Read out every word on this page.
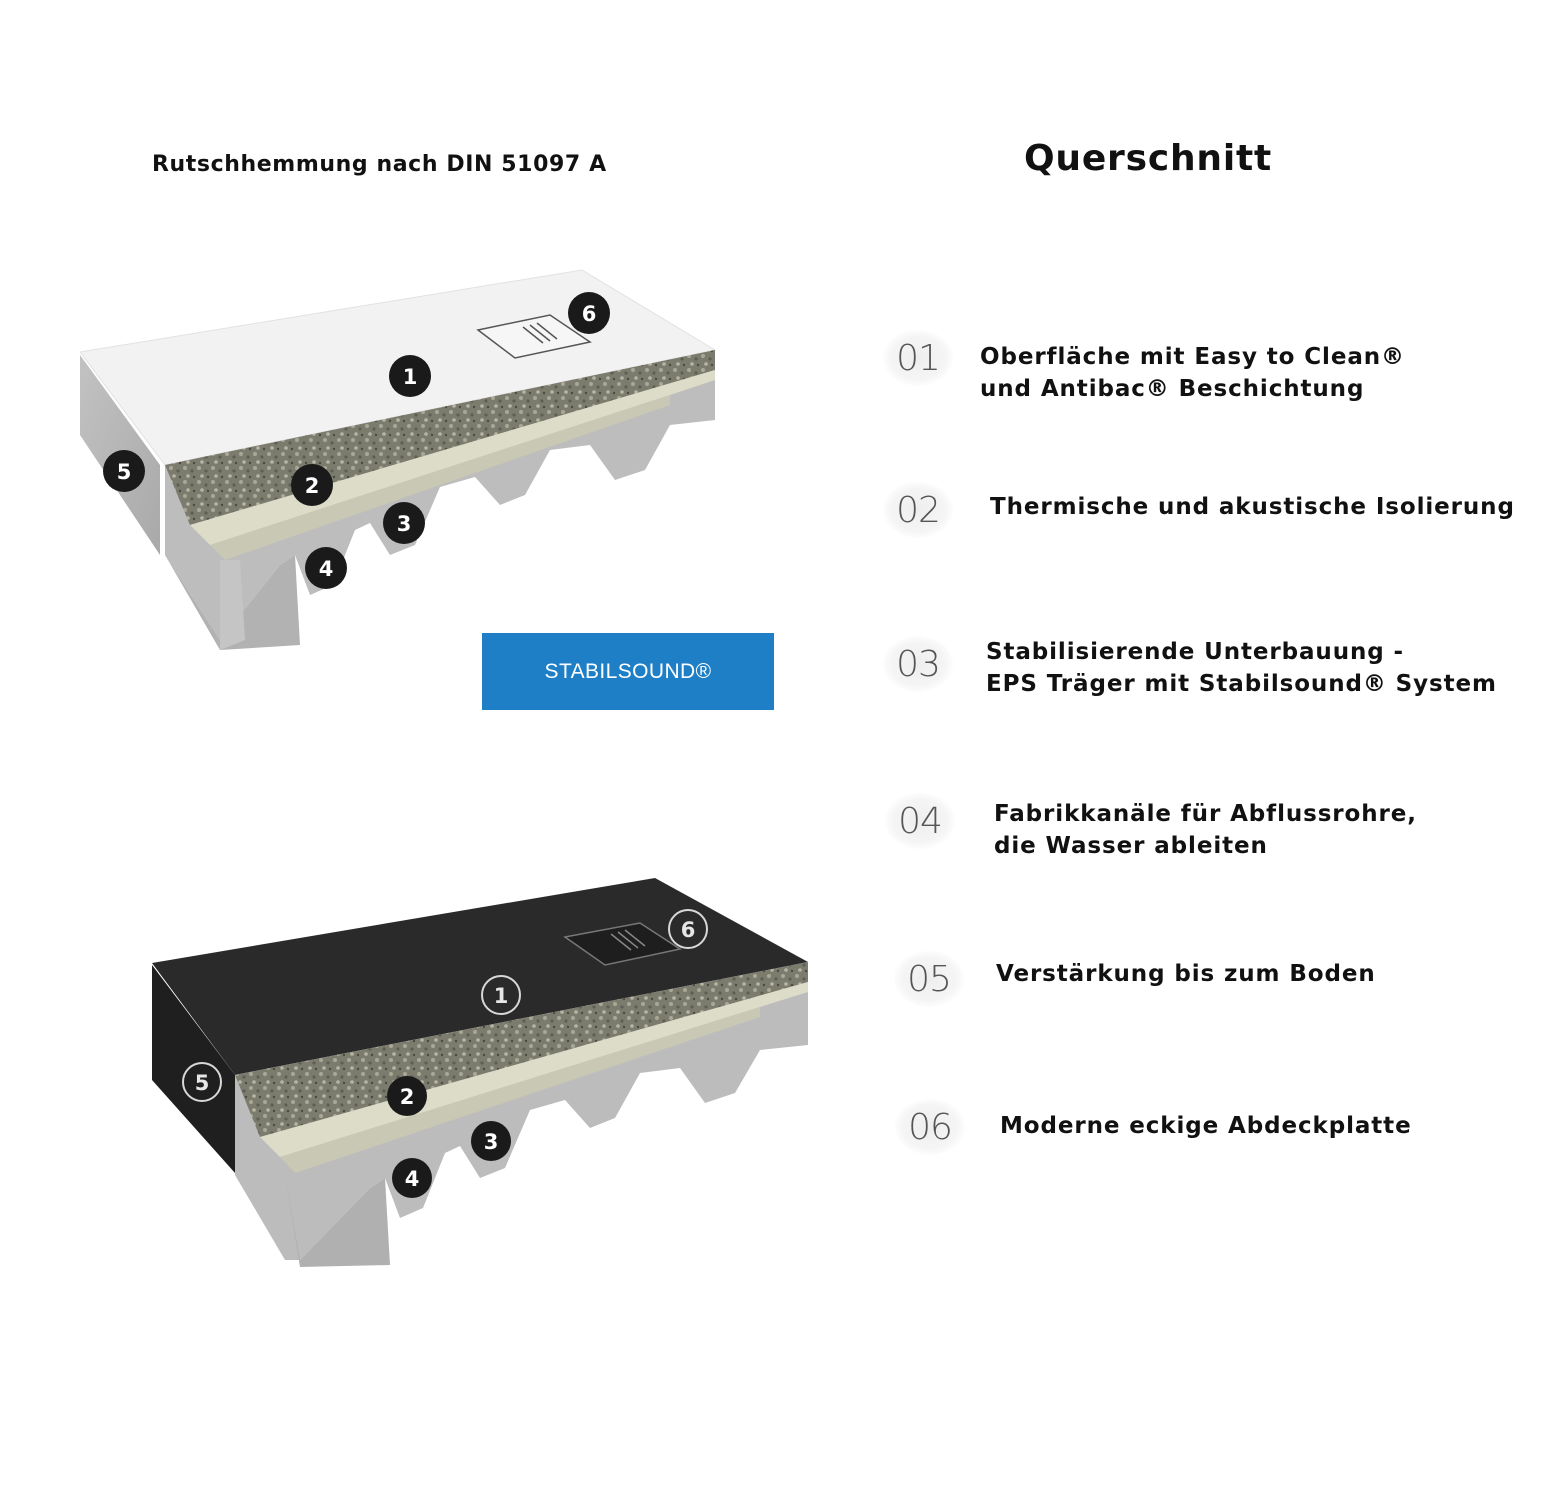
Rutschhemmung nach DIN 51097 A	Querschnitt
1
2
3
4
5
6
STABILSOUND®
1
2
3
4
5
6
01	Oberfläche mit Easy to Clean®
und Antibac® Beschichtung
02	Thermische und akustische Isolierung
03	Stabilisierende Unterbauung -
EPS Träger mit Stabilsound® System
04	Fabrikkanäle für Abflussrohre,
die Wasser ableiten
05	Verstärkung bis zum Boden
06	Moderne eckige Abdeckplatte
